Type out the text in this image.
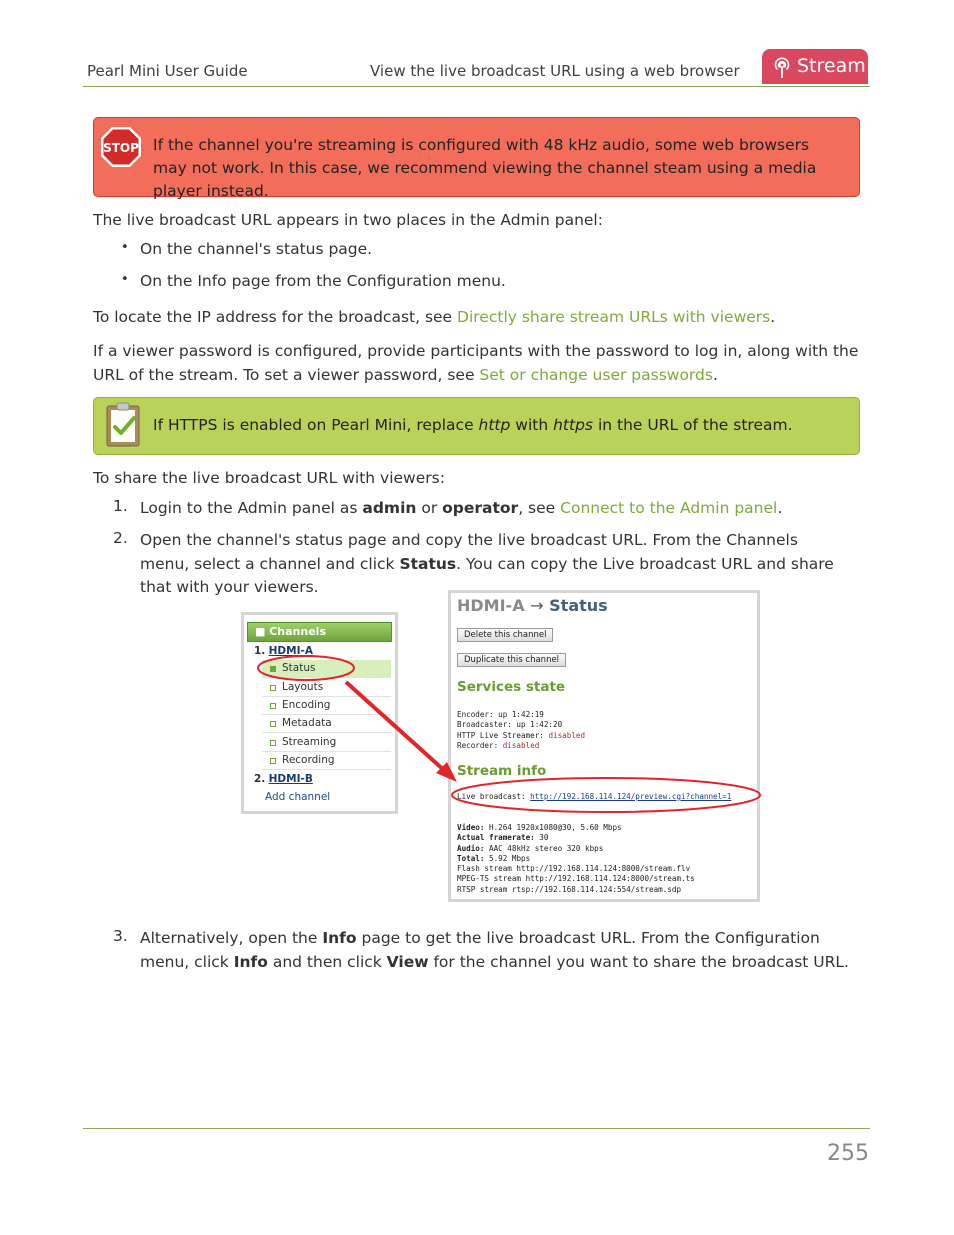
Pearl Mini User Guide	View the live broadcast URL using a web browser	Stream
STOP If the channel you're streaming is configured with 48 kHz audio, some web browsers may not work. In this case, we recommend viewing the channel steam using a media player instead.
The live broadcast URL appears in two places in the Admin panel:
• On the channel's status page.
• On the Info page from the Configuration menu.
To locate the IP address for the broadcast, see Directly share stream URLs with viewers.
If a viewer password is configured, provide participants with the password to log in, along with the URL of the stream. To set a viewer password, see Set or change user passwords.
If HTTPS is enabled on Pearl Mini, replace http with https in the URL of the stream.
To share the live broadcast URL with viewers:
1. Login to the Admin panel as admin or operator, see Connect to the Admin panel.
2. Open the channel's status page and copy the live broadcast URL. From the Channels menu, select a channel and click Status. You can copy the Live broadcast URL and share that with your viewers.
■ Channels
1. HDMI-A
Status
Layouts
Encoding
Metadata
Streaming
Recording
2. HDMI-B
Add channel
HDMI-A → Status
Delete this channel
Duplicate this channel
Services state
Encoder: up 1:42:19
Broadcaster: up 1:42:20
HTTP Live Streamer: disabled
Recorder: disabled
Stream info
Live broadcast: http://192.168.114.124/preview.cgi?channel=1
Video: H.264 1920x1080@30, 5.60 Mbps
Actual framerate: 30
Audio: AAC 48kHz stereo 320 kbps
Total: 5.92 Mbps
Flash stream http://192.168.114.124:8000/stream.flv
MPEG-TS stream http://192.168.114.124:8000/stream.ts
RTSP stream rtsp://192.168.114.124:554/stream.sdp
3. Alternatively, open the Info page to get the live broadcast URL. From the Configuration menu, click Info and then click View for the channel you want to share the broadcast URL.
255
